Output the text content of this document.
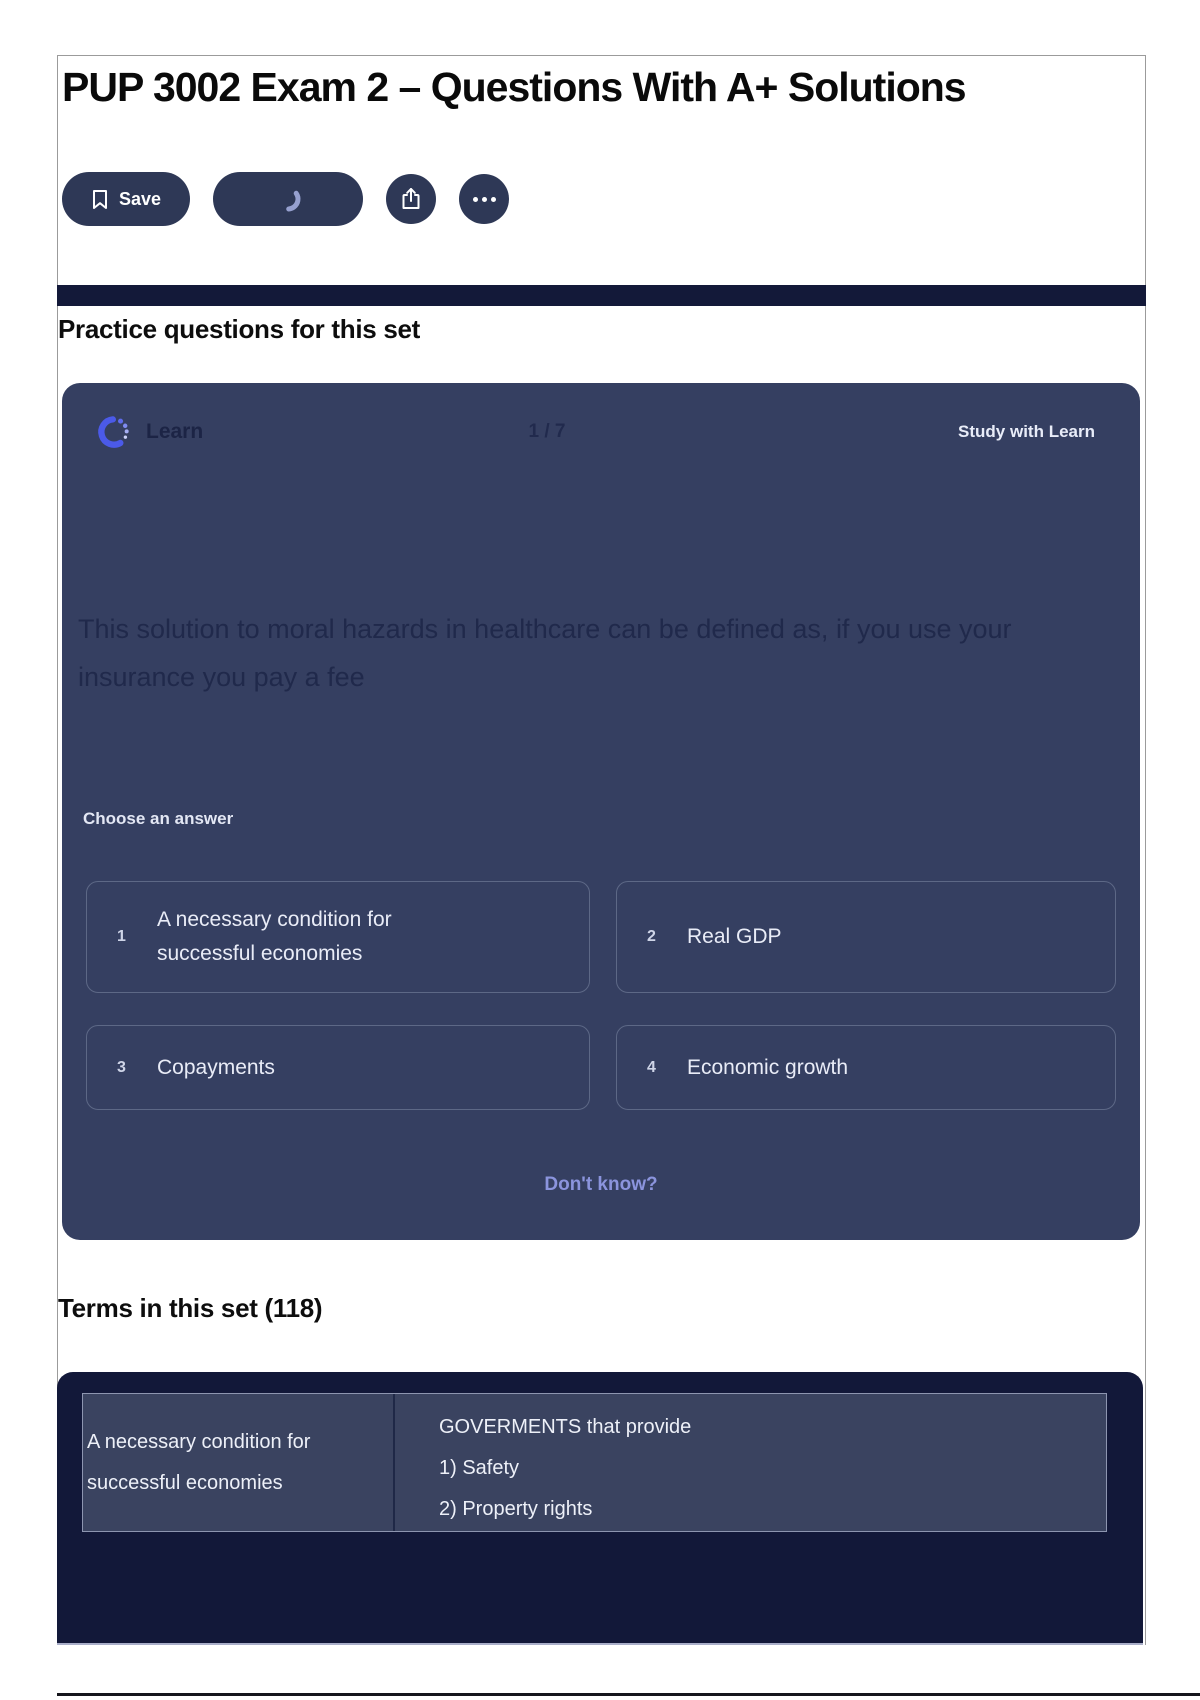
PUP 3002 Exam 2 – Questions With A+ Solutions
Save
Practice questions for this set
Learn	1 / 7	Study with Learn
This solution to moral hazards in healthcare can be defined as, if you use your insurance you pay a fee
Choose an answer
1
A necessary condition for successful economies
2 Real GDP
3 Copayments	4 Economic growth
Don't know?
Terms in this set (118)
A necessary condition for successful economies
GOVERMENTS that provide
1) Safety
2) Property rights
